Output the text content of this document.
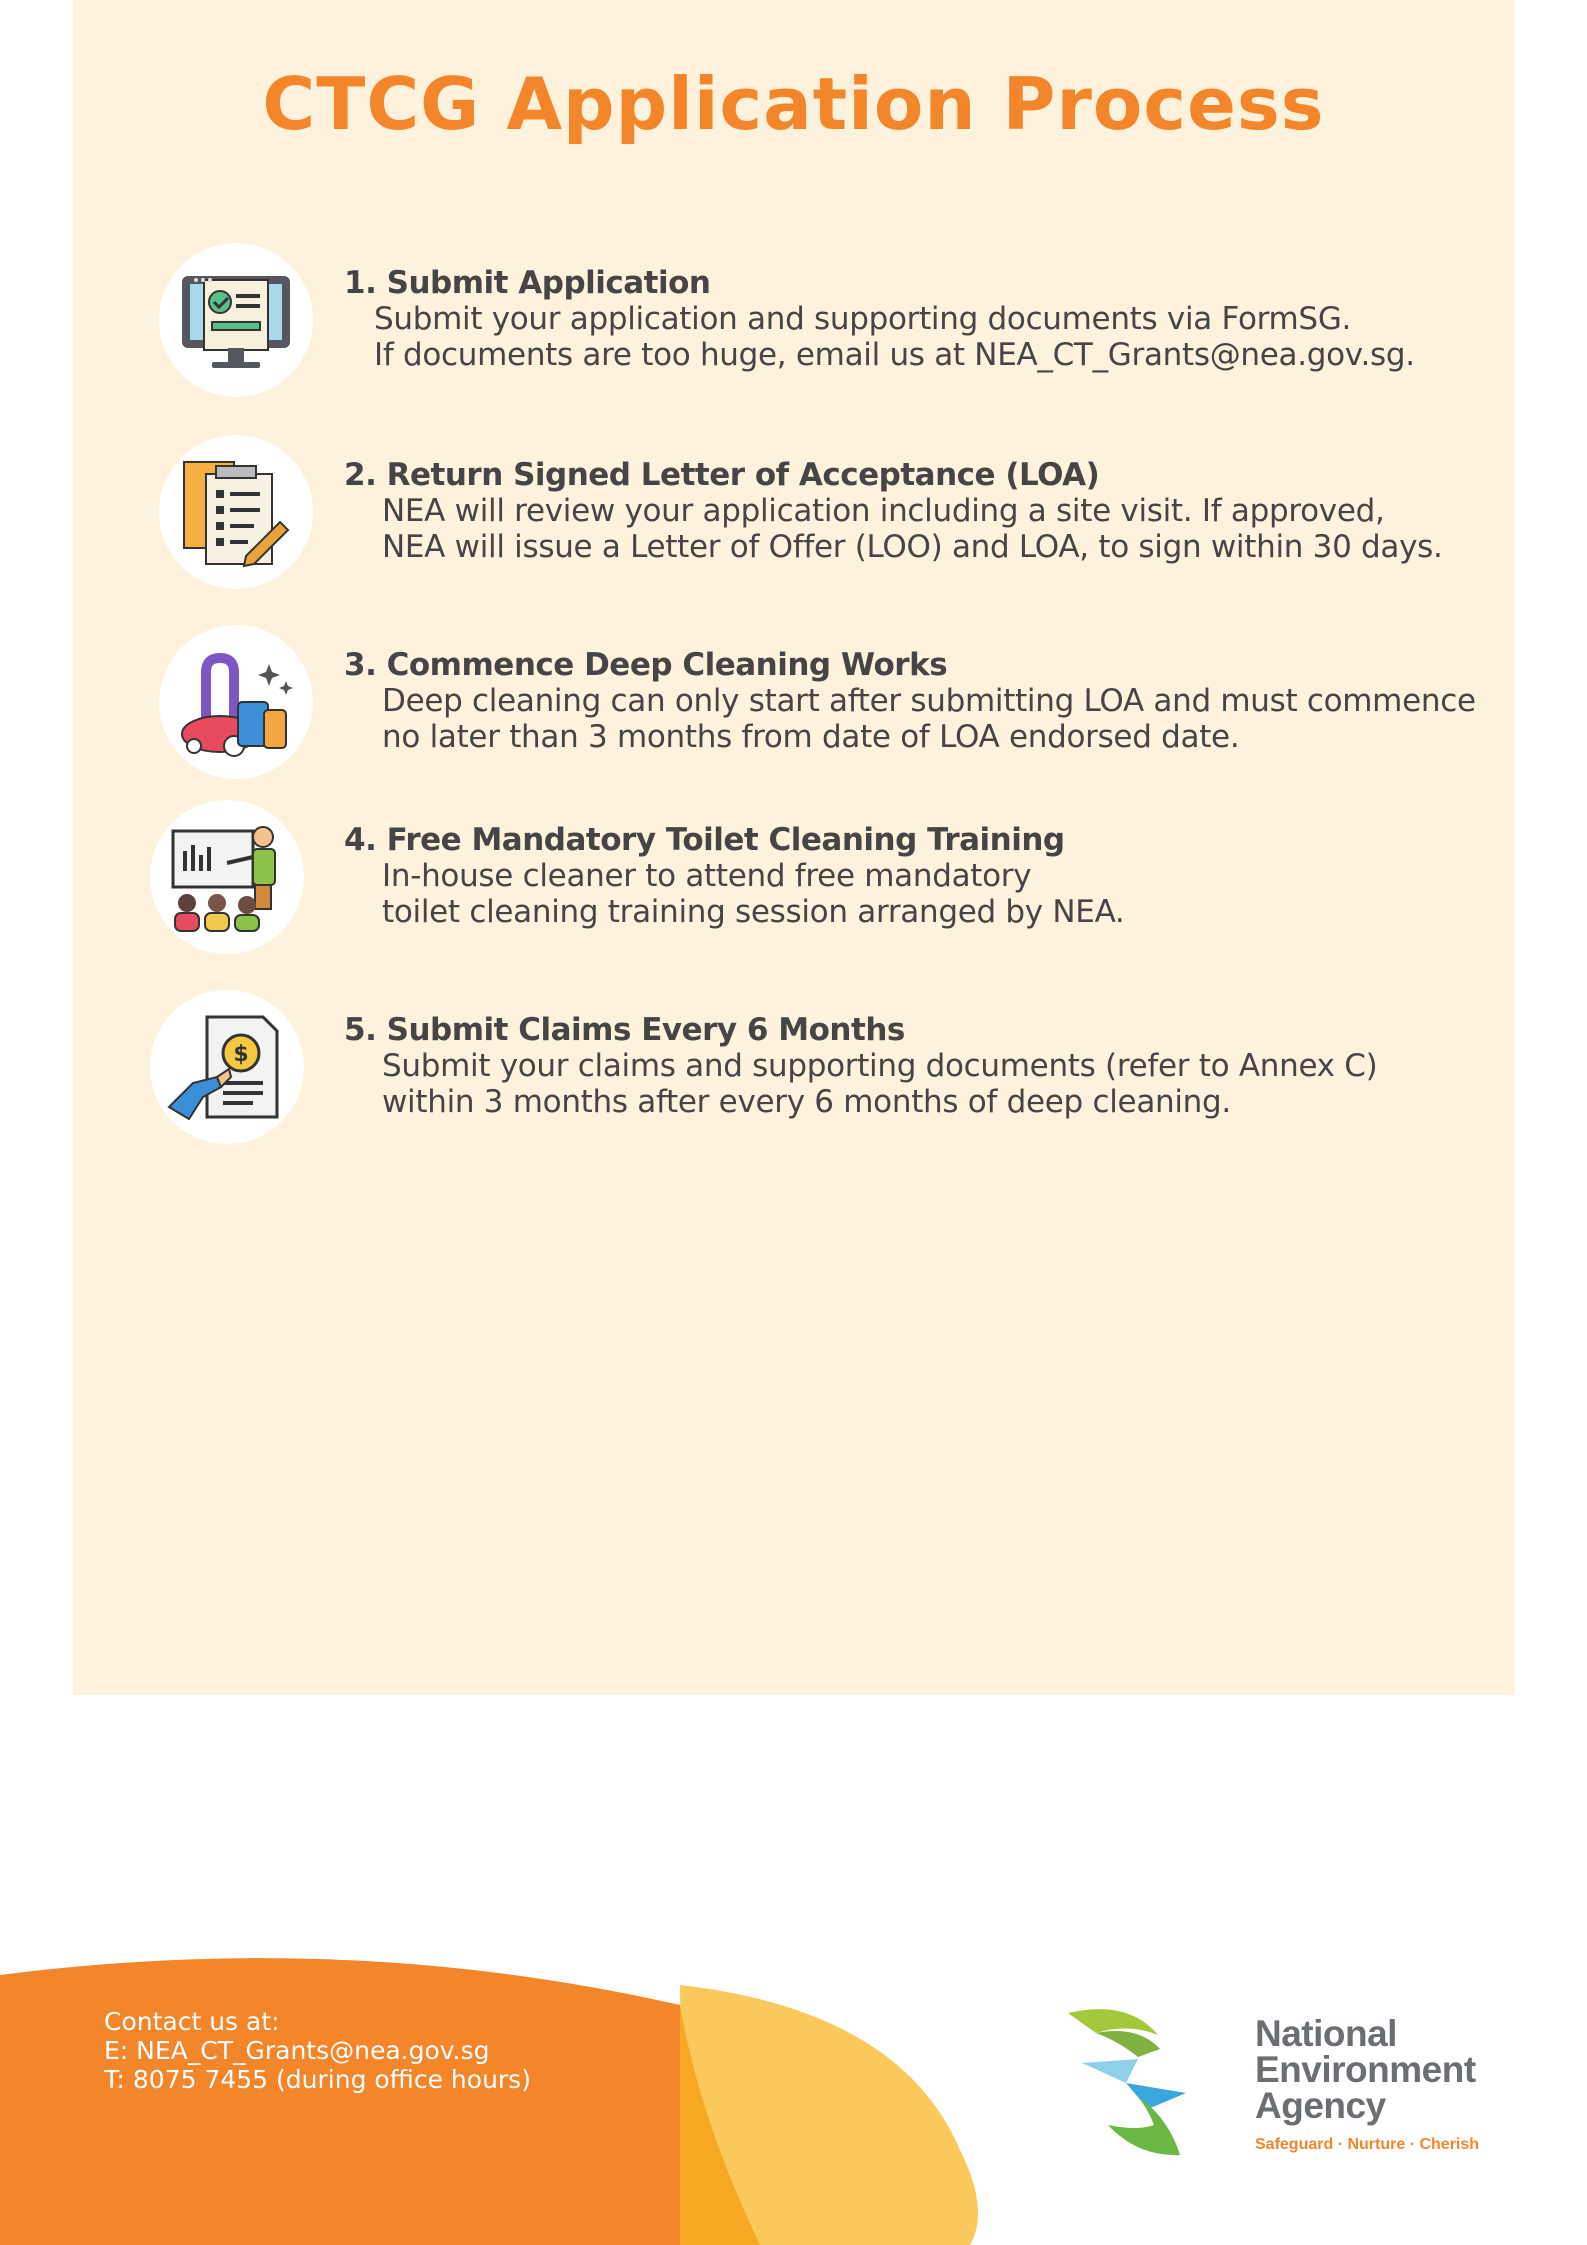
CTCG Application Process
1. Submit Application
Submit your application and supporting documents via FormSG.
If documents are too huge, email us at NEA_CT_Grants@nea.gov.sg.
2. Return Signed Letter of Acceptance (LOA)
NEA will review your application including a site visit. If approved,
NEA will issue a Letter of Offer (LOO) and LOA, to sign within 30 days.
3. Commence Deep Cleaning Works
Deep cleaning can only start after submitting LOA and must commence
no later than 3 months from date of LOA endorsed date.
4. Free Mandatory Toilet Cleaning Training
In-house cleaner to attend free mandatory
toilet cleaning training session arranged by NEA.
$
5. Submit Claims Every 6 Months
Submit your claims and supporting documents (refer to Annex C)
within 3 months after every 6 months of deep cleaning.
Contact us at:
E: NEA_CT_Grants@nea.gov.sg
T: 8075 7455 (during office hours)
National
Environment
Agency
Safeguard · Nurture · Cherish
